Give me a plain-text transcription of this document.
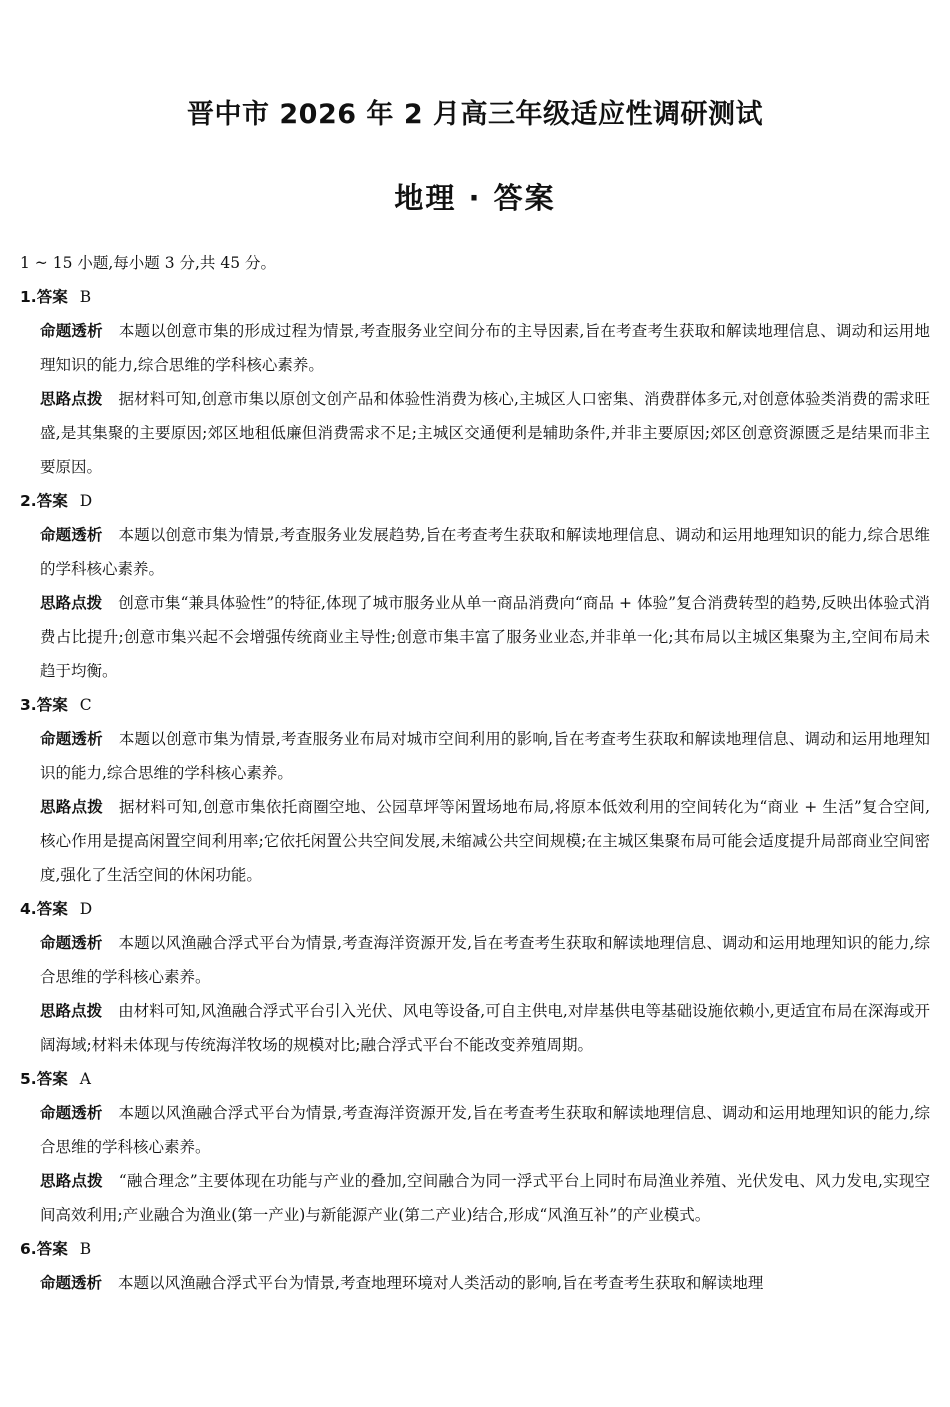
晋中市 2026 年 2 月高三年级适应性调研测试
地理 · 答案
1 ~ 15 小题,每小题 3 分,共 45 分。
1.答案 B
命题透析 本题以创意市集的形成过程为情景,考查服务业空间分布的主导因素,旨在考查考生获取和解读地理信息、调动和运用地理知识的能力,综合思维的学科核心素养。
思路点拨 据材料可知,创意市集以原创文创产品和体验性消费为核心,主城区人口密集、消费群体多元,对创意体验类消费的需求旺盛,是其集聚的主要原因;郊区地租低廉但消费需求不足;主城区交通便利是辅助条件,并非主要原因;郊区创意资源匮乏是结果而非主要原因。
2.答案 D
命题透析 本题以创意市集为情景,考查服务业发展趋势,旨在考查考生获取和解读地理信息、调动和运用地理知识的能力,综合思维的学科核心素养。
思路点拨 创意市集“兼具体验性”的特征,体现了城市服务业从单一商品消费向“商品 + 体验”复合消费转型的趋势,反映出体验式消费占比提升;创意市集兴起不会增强传统商业主导性;创意市集丰富了服务业业态,并非单一化;其布局以主城区集聚为主,空间布局未趋于均衡。
3.答案 C
命题透析 本题以创意市集为情景,考查服务业布局对城市空间利用的影响,旨在考查考生获取和解读地理信息、调动和运用地理知识的能力,综合思维的学科核心素养。
思路点拨 据材料可知,创意市集依托商圈空地、公园草坪等闲置场地布局,将原本低效利用的空间转化为“商业 + 生活”复合空间,核心作用是提高闲置空间利用率;它依托闲置公共空间发展,未缩减公共空间规模;在主城区集聚布局可能会适度提升局部商业空间密度,强化了生活空间的休闲功能。
4.答案 D
命题透析 本题以风渔融合浮式平台为情景,考查海洋资源开发,旨在考查考生获取和解读地理信息、调动和运用地理知识的能力,综合思维的学科核心素养。
思路点拨 由材料可知,风渔融合浮式平台引入光伏、风电等设备,可自主供电,对岸基供电等基础设施依赖小,更适宜布局在深海或开阔海域;材料未体现与传统海洋牧场的规模对比;融合浮式平台不能改变养殖周期。
5.答案 A
命题透析 本题以风渔融合浮式平台为情景,考查海洋资源开发,旨在考查考生获取和解读地理信息、调动和运用地理知识的能力,综合思维的学科核心素养。
思路点拨 “融合理念”主要体现在功能与产业的叠加,空间融合为同一浮式平台上同时布局渔业养殖、光伏发电、风力发电,实现空间高效利用;产业融合为渔业(第一产业)与新能源产业(第二产业)结合,形成“风渔互补”的产业模式。
6.答案 B
命题透析 本题以风渔融合浮式平台为情景,考查地理环境对人类活动的影响,旨在考查考生获取和解读地理
